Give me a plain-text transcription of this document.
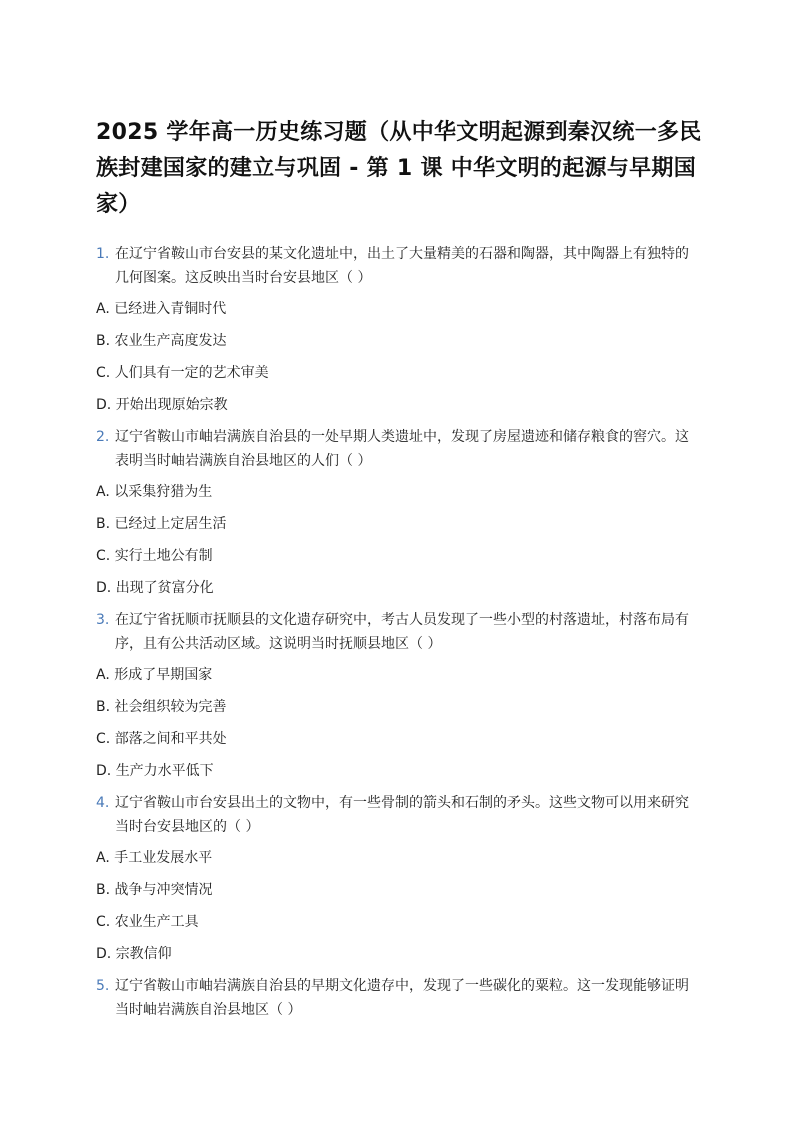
2025 学年高一历史练习题（从中华文明起源到秦汉统一多民族封建国家的建立与巩固 - 第 1 课 中华文明的起源与早期国家）
1. 在辽宁省鞍山市台安县的某文化遗址中，出土了大量精美的石器和陶器，其中陶器上有独特的几何图案。这反映出当时台安县地区（ ）
A. 已经进入青铜时代
B. 农业生产高度发达
C. 人们具有一定的艺术审美
D. 开始出现原始宗教
2. 辽宁省鞍山市岫岩满族自治县的一处早期人类遗址中，发现了房屋遗迹和储存粮食的窖穴。这表明当时岫岩满族自治县地区的人们（ ）
A. 以采集狩猎为生
B. 已经过上定居生活
C. 实行土地公有制
D. 出现了贫富分化
3. 在辽宁省抚顺市抚顺县的文化遗存研究中，考古人员发现了一些小型的村落遗址，村落布局有序，且有公共活动区域。这说明当时抚顺县地区（ ）
A. 形成了早期国家
B. 社会组织较为完善
C. 部落之间和平共处
D. 生产力水平低下
4. 辽宁省鞍山市台安县出土的文物中，有一些骨制的箭头和石制的矛头。这些文物可以用来研究当时台安县地区的（ ）
A. 手工业发展水平
B. 战争与冲突情况
C. 农业生产工具
D. 宗教信仰
5. 辽宁省鞍山市岫岩满族自治县的早期文化遗存中，发现了一些碳化的粟粒。这一发现能够证明当时岫岩满族自治县地区（ ）
